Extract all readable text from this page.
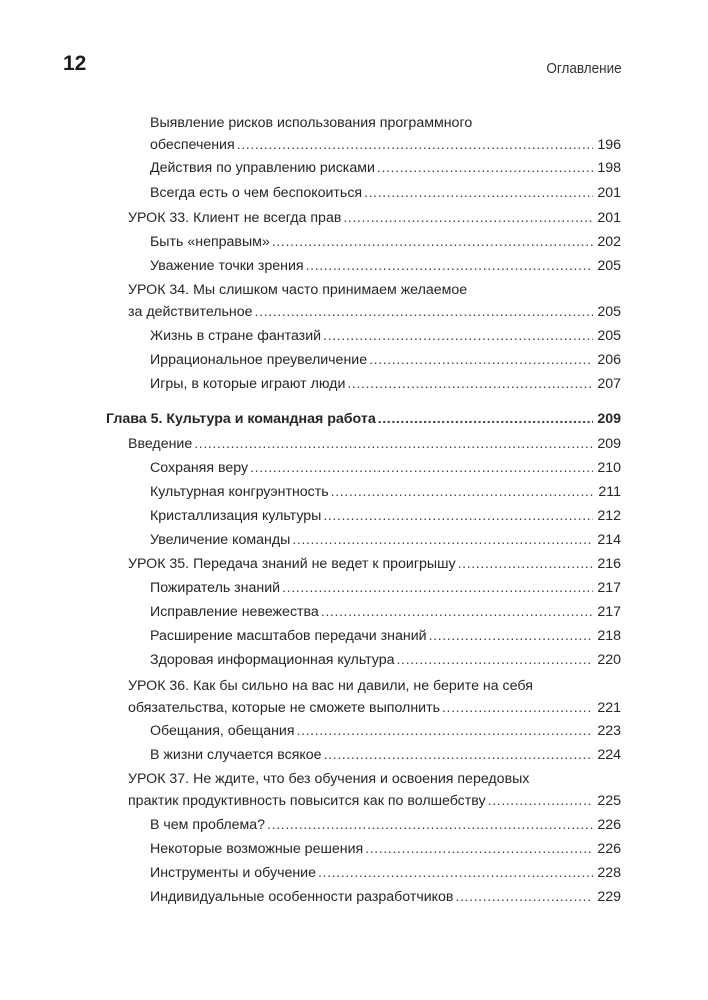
12	Оглавление
Выявление рисков использования программного
обеспечения .....	196
Действия по управлению рисками .....	198
Всегда есть о чем беспокоиться .....	201
УРОК 33. Клиент не всегда прав .....	201
Быть «неправым» .....	202
Уважение точки зрения .....	205
УРОК 34. Мы слишком часто принимаем желаемое
за действительное .....	205
Жизнь в стране фантазий .....	205
Иррациональное преувеличение .....	206
Игры, в которые играют люди .....	207
Глава 5. Культура и командная работа .....	209
Введение .....	209
Сохраняя веру .....	210
Культурная конгруэнтность .....	211
Кристаллизация культуры .....	212
Увеличение команды .....	214
УРОК 35. Передача знаний не ведет к проигрышу .....	216
Пожиратель знаний .....	217
Исправление невежества .....	217
Расширение масштабов передачи знаний .....	218
Здоровая информационная культура .....	220
УРОК 36. Как бы сильно на вас ни давили, не берите на себя
обязательства, которые не сможете выполнить .....	221
Обещания, обещания .....	223
В жизни случается всякое .....	224
УРОК 37. Не ждите, что без обучения и освоения передовых
практик продуктивность повысится как по волшебству .....	225
В чем проблема? .....	226
Некоторые возможные решения .....	226
Инструменты и обучение .....	228
Индивидуальные особенности разработчиков .....	229
